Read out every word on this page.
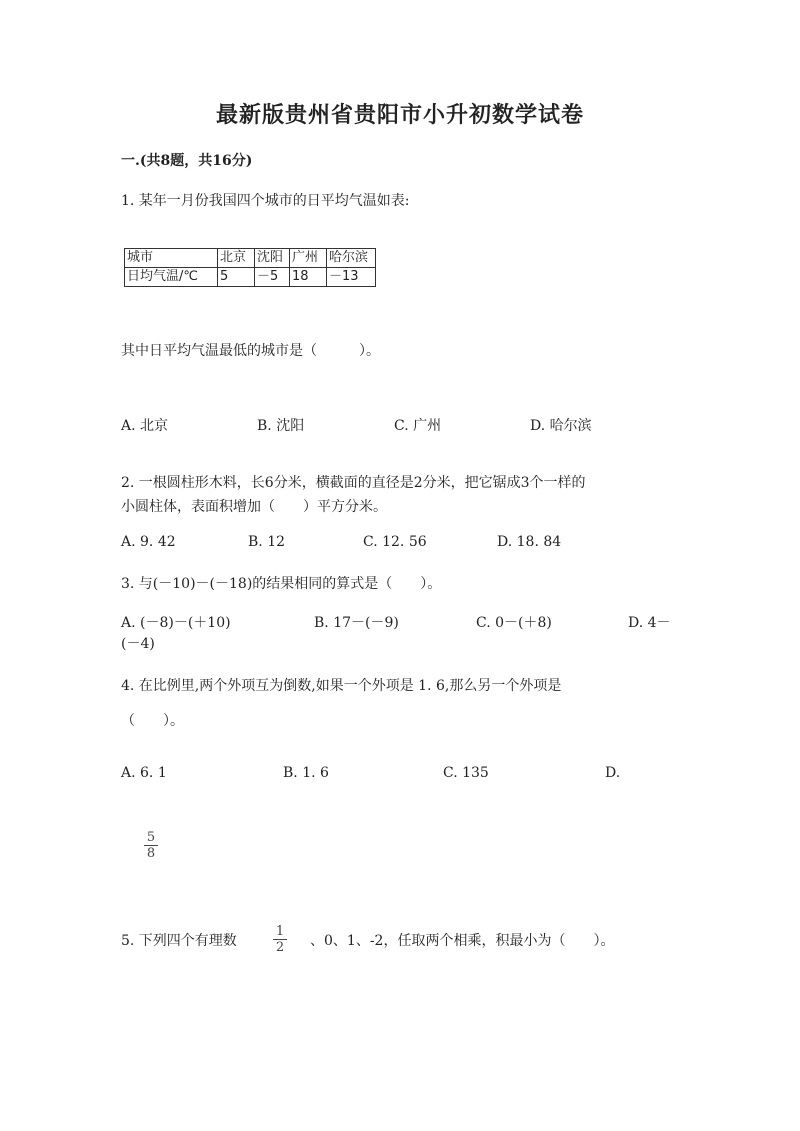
最新版贵州省贵阳市小升初数学试卷
一.(共8题，共16分)
1. 某年一月份我国四个城市的日平均气温如表:
城市	北京	沈阳	广州	哈尔滨
日均气温/℃	5	－5	18	－13
其中日平均气温最低的城市是（　　　）。
A. 北京	B. 沈阳	C. 广州	D. 哈尔滨
2. 一根圆柱形木料，长6分米，横截面的直径是2分米，把它锯成3个一样的
小圆柱体，表面积增加（　　）平方分米。
A. 9. 42	B. 12	C. 12. 56	D. 18. 84
3. 与(－10)－(－18)的结果相同的算式是（　　）。
A. (－8)－(＋10)	B. 17－(－9)	C. 0－(＋8)	D. 4－
(－4)
4. 在比例里,两个外项互为倒数,如果一个外项是 1. 6,那么另一个外项是
（　　）。
A. 6. 1	B. 1. 6	C. 135	D.
5
8
5. 下列四个有理数
1
2 、0、1、-2，任取两个相乘，积最小为（　　）。
